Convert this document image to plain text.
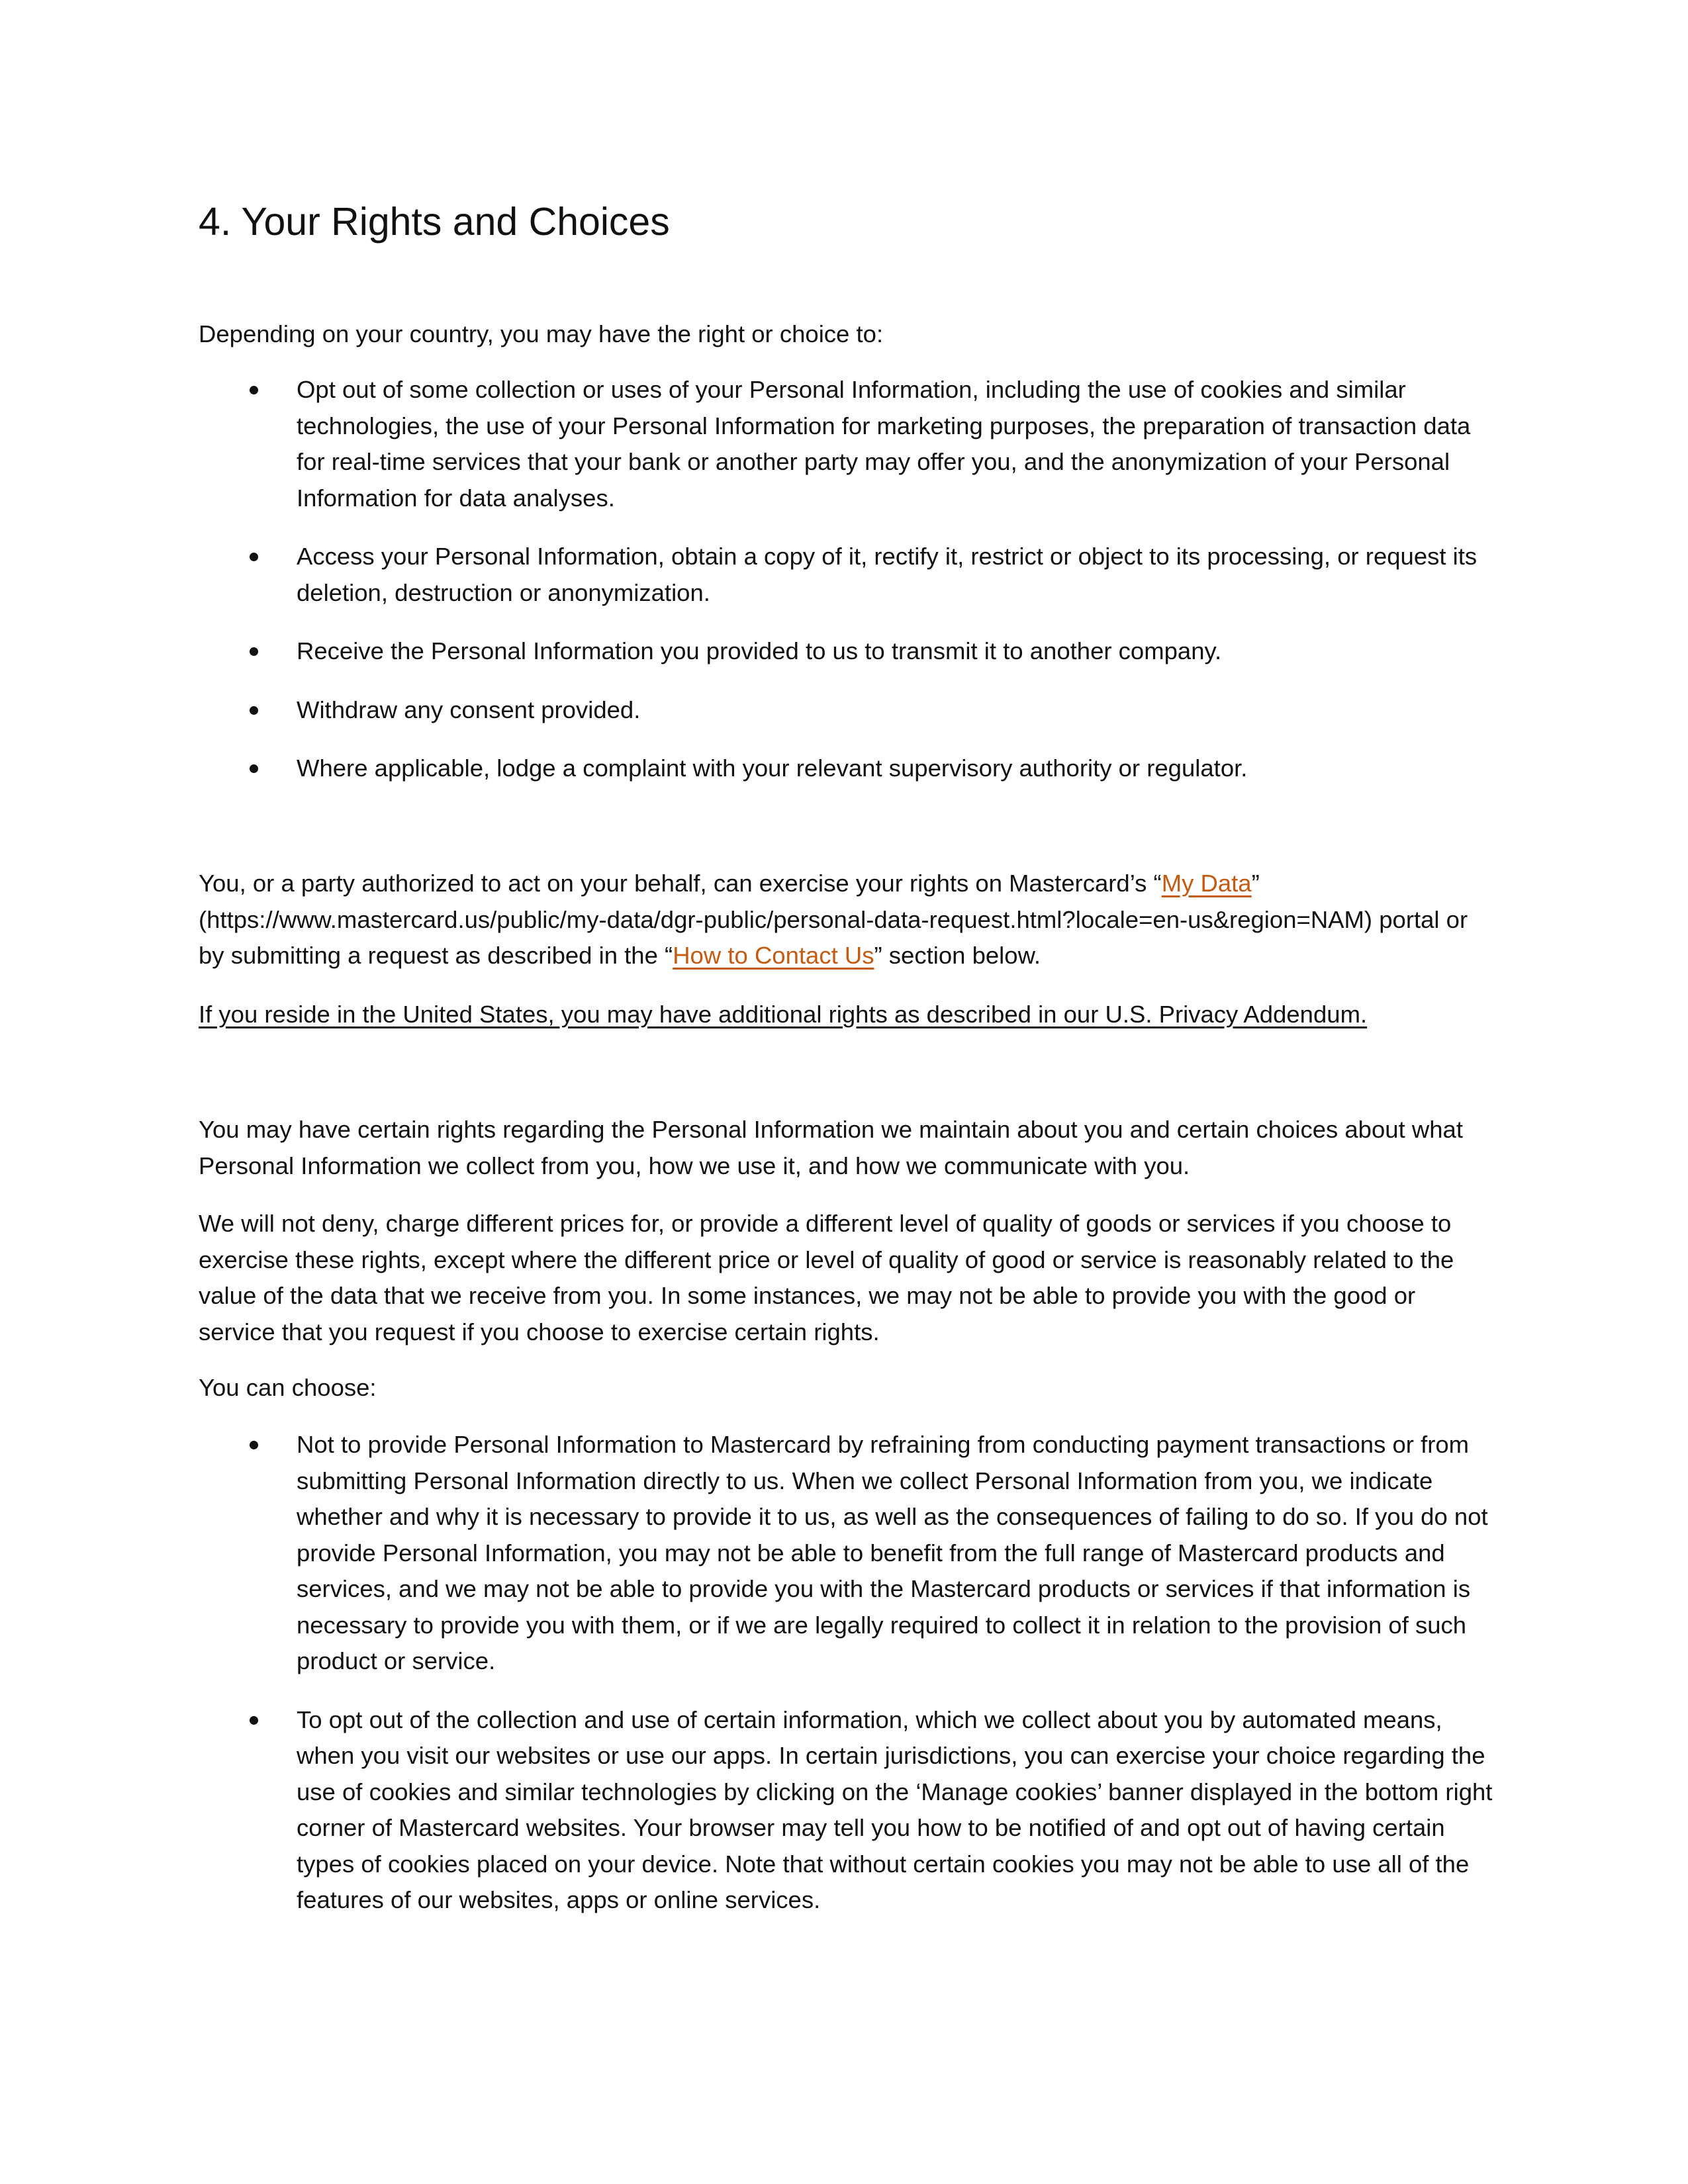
4. Your Rights and Choices

Depending on your country, you may have the right or choice to:

Opt out of some collection or uses of your Personal Information, including the use of cookies and similar technologies, the use of your Personal Information for marketing purposes, the preparation of transaction data for real-time services that your bank or another party may offer you, and the anonymization of your Personal Information for data analyses.
Access your Personal Information, obtain a copy of it, rectify it, restrict or object to its processing, or request its deletion, destruction or anonymization.
Receive the Personal Information you provided to us to transmit it to another company.
Withdraw any consent provided.
Where applicable, lodge a complaint with your relevant supervisory authority or regulator.

You, or a party authorized to act on your behalf, can exercise your rights on Mastercard’s “My Data” (https://www.mastercard.us/public/my-data/dgr-public/personal-data-request.html?locale=en-us&region=NAM) portal or by submitting a request as described in the “How to Contact Us” section below.

If you reside in the United States, you may have additional rights as described in our U.S. Privacy Addendum.

You may have certain rights regarding the Personal Information we maintain about you and certain choices about what Personal Information we collect from you, how we use it, and how we communicate with you.

We will not deny, charge different prices for, or provide a different level of quality of goods or services if you choose to exercise these rights, except where the different price or level of quality of good or service is reasonably related to the value of the data that we receive from you. In some instances, we may not be able to provide you with the good or service that you request if you choose to exercise certain rights.

You can choose:

Not to provide Personal Information to Mastercard by refraining from conducting payment transactions or from submitting Personal Information directly to us. When we collect Personal Information from you, we indicate whether and why it is necessary to provide it to us, as well as the consequences of failing to do so. If you do not provide Personal Information, you may not be able to benefit from the full range of Mastercard products and services, and we may not be able to provide you with the Mastercard products or services if that information is necessary to provide you with them, or if we are legally required to collect it in relation to the provision of such product or service.
To opt out of the collection and use of certain information, which we collect about you by automated means, when you visit our websites or use our apps. In certain jurisdictions, you can exercise your choice regarding the use of cookies and similar technologies by clicking on the ‘Manage cookies’ banner displayed in the bottom right corner of Mastercard websites. Your browser may tell you how to be notified of and opt out of having certain types of cookies placed on your device. Note that without certain cookies you may not be able to use all of the features of our websites, apps or online services.
